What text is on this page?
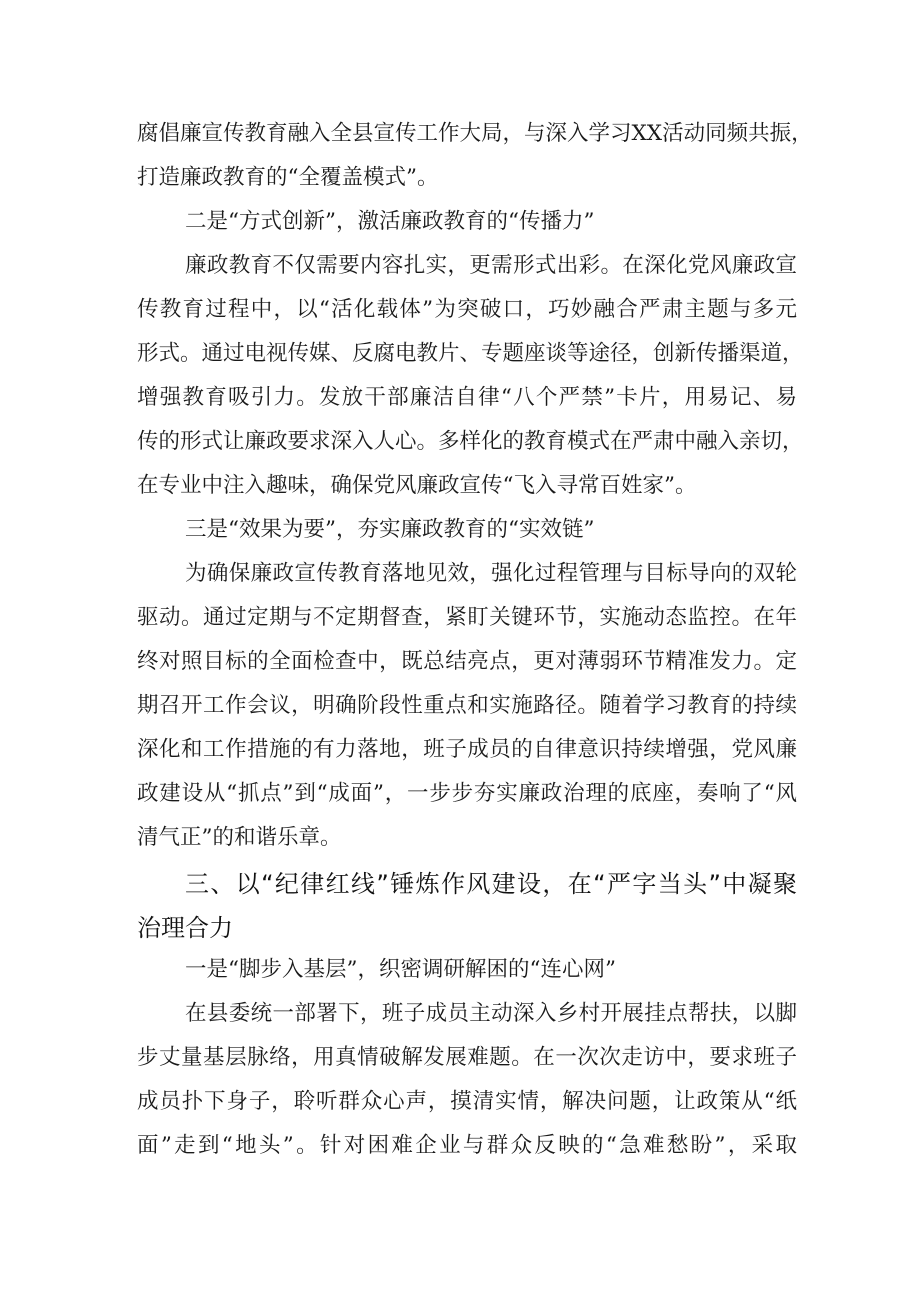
腐倡廉宣传教育融入全县宣传工作大局，与深入学习XX活动同频共振，
打造廉政教育的“全覆盖模式”。
二是“方式创新”，激活廉政教育的“传播力”
廉政教育不仅需要内容扎实，更需形式出彩。在深化党风廉政宣
传教育过程中，以“活化载体”为突破口，巧妙融合严肃主题与多元
形式。通过电视传媒、反腐电教片、专题座谈等途径，创新传播渠道，
增强教育吸引力。发放干部廉洁自律“八个严禁”卡片，用易记、易
传的形式让廉政要求深入人心。多样化的教育模式在严肃中融入亲切，
在专业中注入趣味，确保党风廉政宣传“飞入寻常百姓家”。
三是“效果为要”，夯实廉政教育的“实效链”
为确保廉政宣传教育落地见效，强化过程管理与目标导向的双轮
驱动。通过定期与不定期督查，紧盯关键环节，实施动态监控。在年
终对照目标的全面检查中，既总结亮点，更对薄弱环节精准发力。定
期召开工作会议，明确阶段性重点和实施路径。随着学习教育的持续
深化和工作措施的有力落地，班子成员的自律意识持续增强，党风廉
政建设从“抓点”到“成面”，一步步夯实廉政治理的底座，奏响了“风
清气正”的和谐乐章。
三、以“纪律红线”锤炼作风建设，在“严字当头”中凝聚
治理合力
一是“脚步入基层”，织密调研解困的“连心网”
在县委统一部署下，班子成员主动深入乡村开展挂点帮扶，以脚
步丈量基层脉络，用真情破解发展难题。在一次次走访中，要求班子
成员扑下身子，聆听群众心声，摸清实情，解决问题，让政策从“纸
面”走到“地头”。针对困难企业与群众反映的“急难愁盼”，采取
